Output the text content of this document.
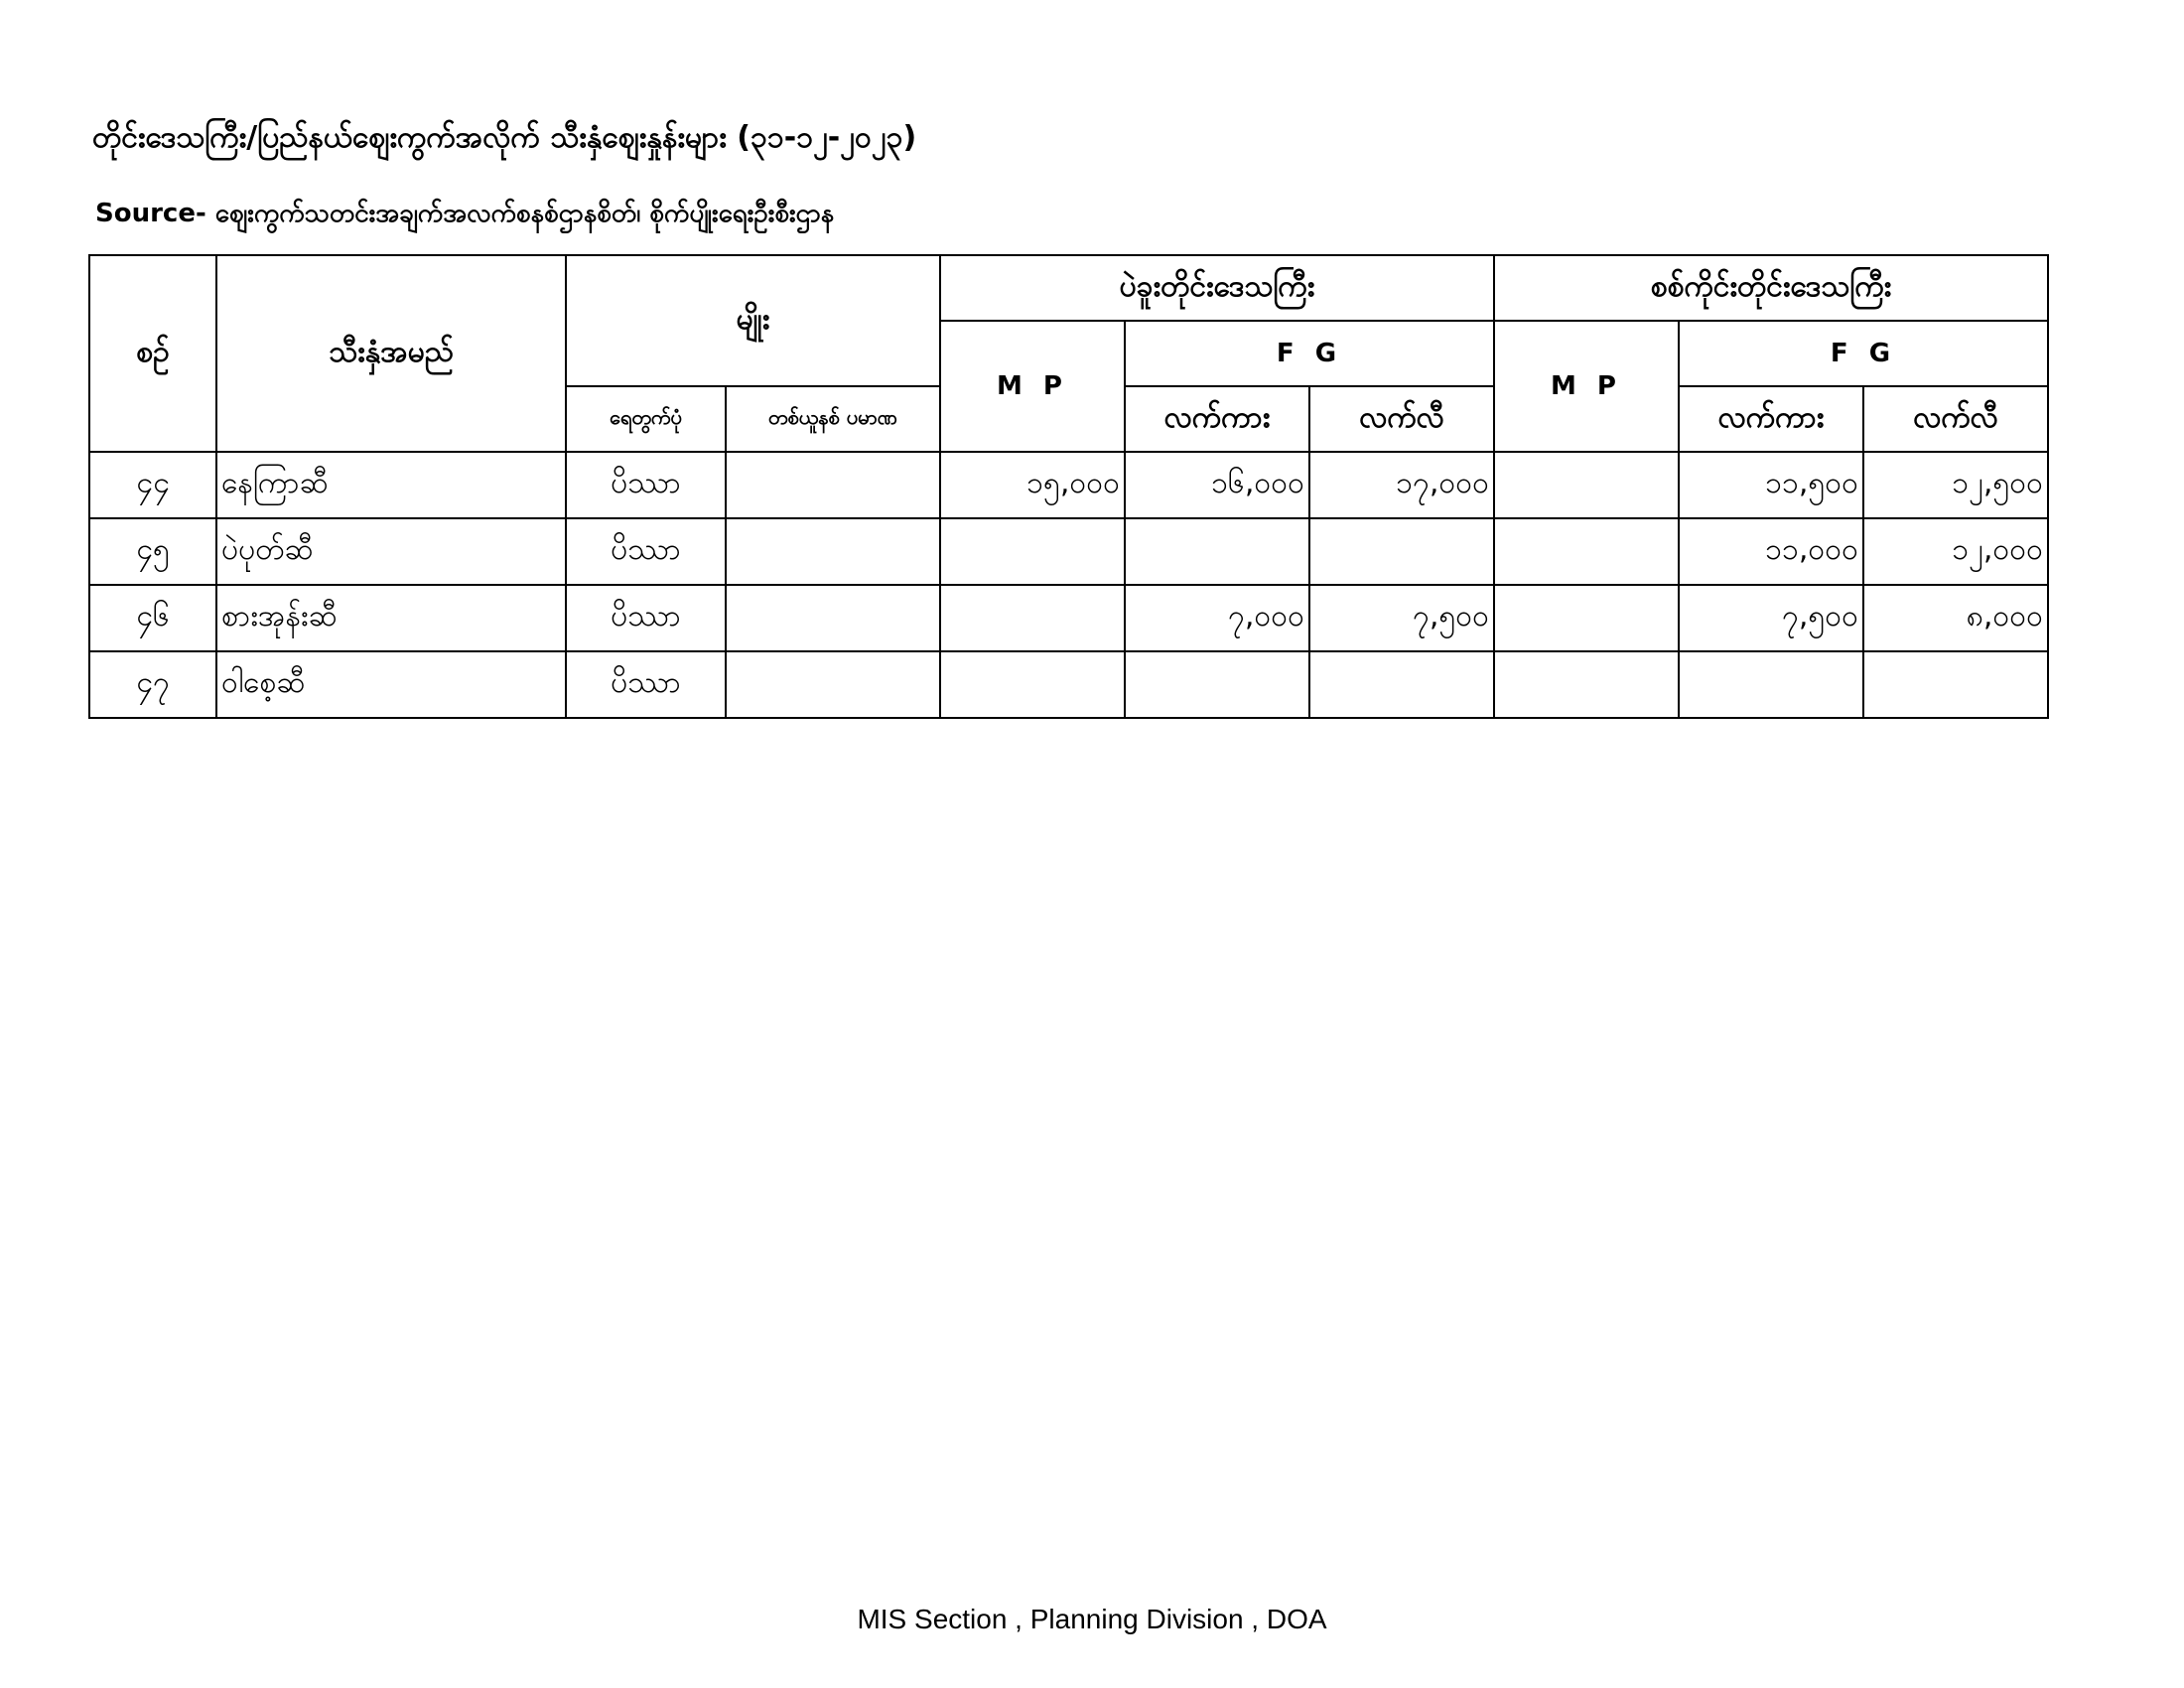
တိုင်းဒေသကြီး/ပြည်နယ်ဈေးကွက်အလိုက် သီးနှံဈေးနှုန်းများ (၃၁-၁၂-၂၀၂၃)
Source- ဈေးကွက်သတင်းအချက်အလက်စနစ်ဌာနစိတ်၊ စိုက်ပျိုးရေးဦးစီးဌာန
စဉ်	သီးနှံအမည်	မျိုး		ပဲခူးတိုင်းဒေသကြီး			စစ်ကိုင်းတိုင်းဒေသကြီး		
				M P	F G		M P	F G	
		ရေတွက်ပုံ	တစ်ယူနစ် ပမာဏ		လက်ကား	လက်လီ		လက်ကား	လက်လီ
၄၄	နေကြာဆီ	ပိဿာ		၁၅,၀၀၀	၁၆,၀၀၀	၁၇,၀၀၀		၁၁,၅၀၀	၁၂,၅၀၀
၄၅	ပဲပုတ်ဆီ	ပိဿာ						၁၁,၀၀၀	၁၂,၀၀၀
၄၆	စားအုန်းဆီ	ပိဿာ			၇,၀၀၀	၇,၅၀၀		၇,၅၀၀	၈,၀၀၀
၄၇	ဝါစေ့ဆီ	ပိဿာ							
MIS Section , Planning Division , DOA
